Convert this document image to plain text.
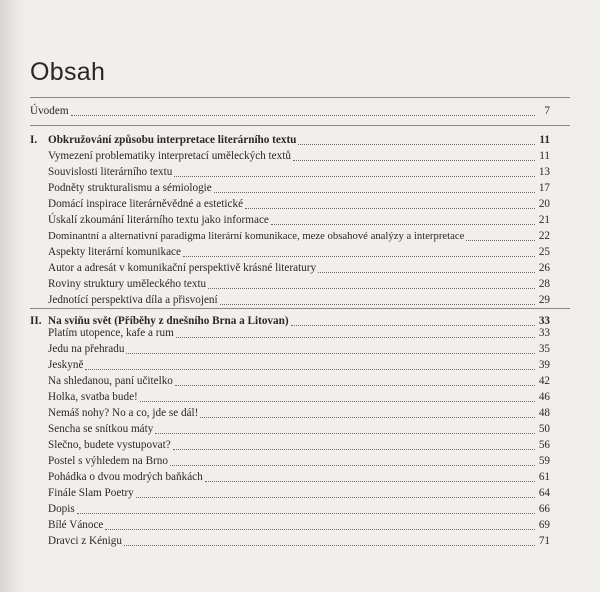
Obsah
Úvodem	7
I. Obkružování způsobu interpretace literárního textu	11
Vymezení problematiky interpretací uměleckých textů	11
Souvislosti literárního textu	13
Podněty strukturalismu a sémiologie	17
Domácí inspirace literárněvědné a estetické	20
Úskalí zkoumání literárního textu jako informace	21
Dominantní a alternativní paradigma literární komunikace, meze obsahové analýzy a interpretace	22
Aspekty literární komunikace	25
Autor a adresát v komunikační perspektivě krásné literatury	26
Roviny struktury uměleckého textu	28
Jednotící perspektiva díla a přisvojení	29
II. Na sviňu svět (Příběhy z dnešního Brna a Litovan)	33
Platím utopence, kafe a rum	33
Jedu na přehradu	35
Jeskyně	39
Na shledanou, paní učitelko	42
Holka, svatba bude!	46
Nemáš nohy? No a co, jde se dál!	48
Sencha se snítkou máty	50
Slečno, budete vystupovat?	56
Postel s výhledem na Brno	59
Pohádka o dvou modrých baňkách	61
Finále Slam Poetry	64
Dopis	66
Bílé Vánoce	69
Dravci z Kénigu	71
